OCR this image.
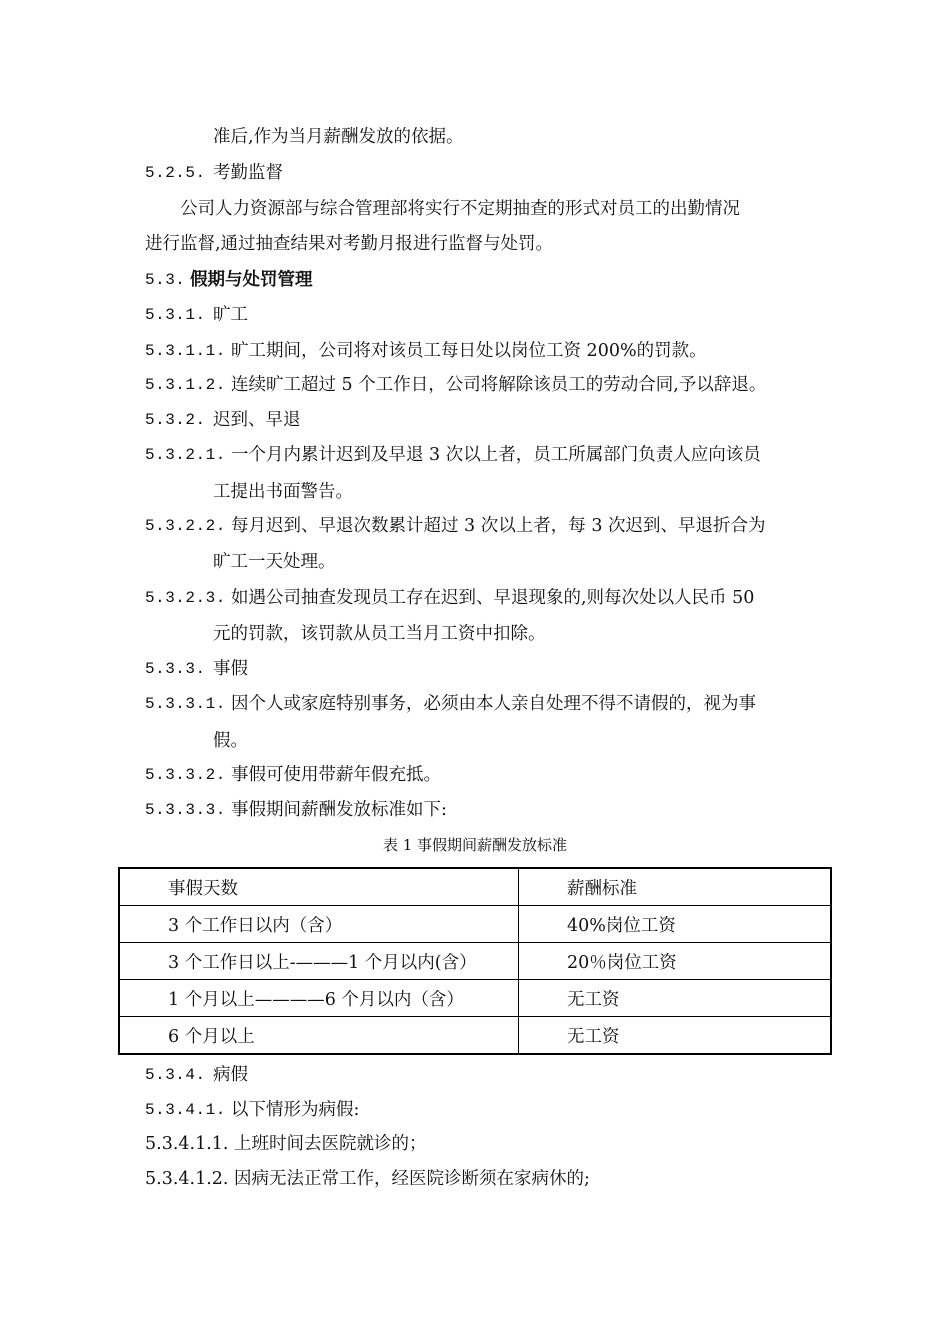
准后,作为当月薪酬发放的依据。
5.2.5. 考勤监督
公司人力资源部与综合管理部将实行不定期抽查的形式对员工的出勤情况
进行监督,通过抽查结果对考勤月报进行监督与处罚。
5.3. 假期与处罚管理
5.3.1. 旷工
5.3.1.1. 旷工期间，公司将对该员工每日处以岗位工资 200%的罚款。
5.3.1.2. 连续旷工超过 5 个工作日，公司将解除该员工的劳动合同,予以辞退。
5.3.2. 迟到、早退
5.3.2.1. 一个月内累计迟到及早退 3 次以上者，员工所属部门负责人应向该员
工提出书面警告。
5.3.2.2. 每月迟到、早退次数累计超过 3 次以上者，每 3 次迟到、早退折合为
旷工一天处理。
5.3.2.3. 如遇公司抽查发现员工存在迟到、早退现象的,则每次处以人民币 50
元的罚款，该罚款从员工当月工资中扣除。
5.3.3. 事假
5.3.3.1. 因个人或家庭特别事务，必须由本人亲自处理不得不请假的，视为事
假。
5.3.3.2. 事假可使用带薪年假充抵。
5.3.3.3. 事假期间薪酬发放标准如下:
表 1 事假期间薪酬发放标准
事假天数	薪酬标准
3 个工作日以内（含）	40%岗位工资
3 个工作日以上-———1 个月以内(含）	20％岗位工资
1 个月以上————6 个月以内（含）	无工资
6 个月以上	无工资
5.3.4. 病假
5.3.4.1. 以下情形为病假:
5.3.4.1.1. 上班时间去医院就诊的；
5.3.4.1.2. 因病无法正常工作，经医院诊断须在家病休的;
